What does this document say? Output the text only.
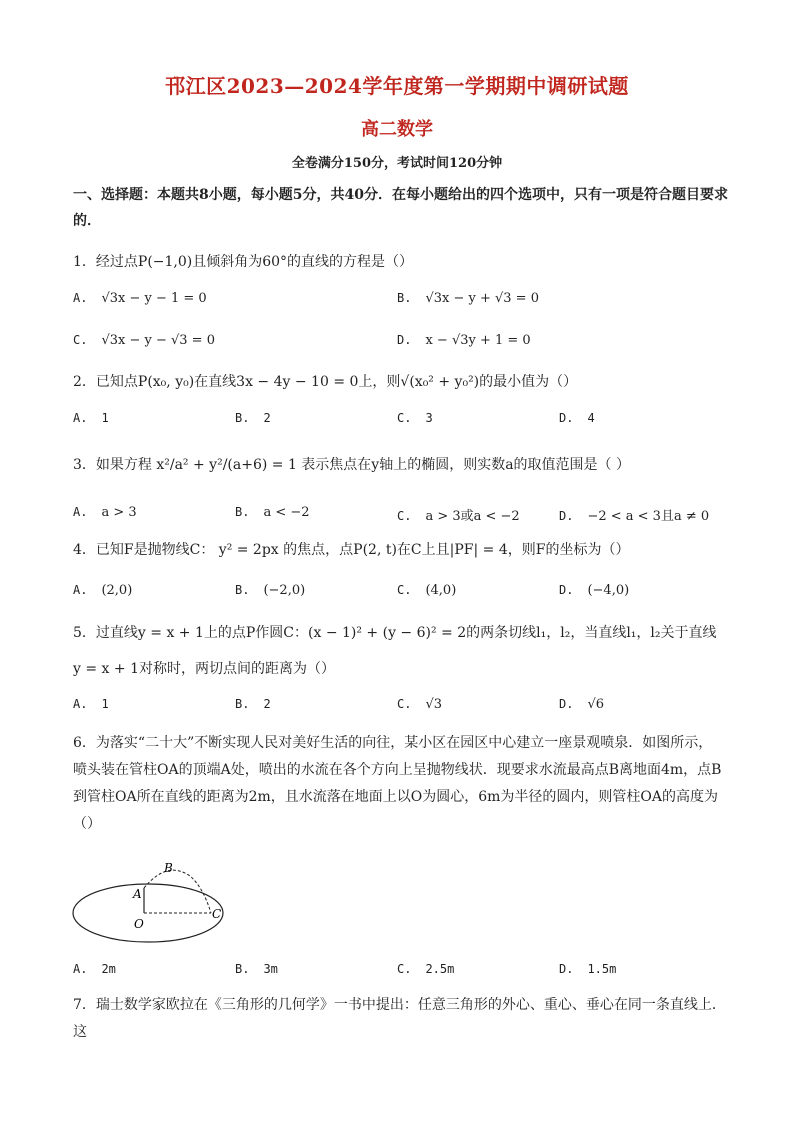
邗江区2023—2024学年度第一学期期中调研试题
高二数学
全卷满分150分，考试时间120分钟
一、选择题：本题共8小题，每小题5分，共40分．在每小题给出的四个选项中，只有一项是符合题目要求的．
1．经过点P(−1,0)且倾斜角为60°的直线的方程是（）
A. √3x − y − 1 = 0	B. √3x − y + √3 = 0
C. √3x − y − √3 = 0	D. x − √3y + 1 = 0
2．已知点P(x₀, y₀)在直线3x − 4y − 10 = 0上，则√(x₀² + y₀²)的最小值为（）
A. 1	B. 2	C. 3	D. 4
3．如果方程 x²/a² + y²/(a+6) = 1 表示焦点在y轴上的椭圆，则实数a的取值范围是（ ）
A. a > 3	B. a < −2	C. a > 3或a < −2	D. −2 < a < 3且a ≠ 0
4．已知F是抛物线C： y² = 2px 的焦点，点P(2, t)在C上且|PF| = 4，则F的坐标为（）
A. (2,0)	B. (−2,0)	C. (4,0)	D. (−4,0)
5．过直线y = x + 1上的点P作圆C：(x − 1)² + (y − 6)² = 2的两条切线l₁，l₂，当直线l₁，l₂关于直线
y = x + 1对称时，两切点间的距离为（）
A. 1	B. 2	C. √3	D. √6
6．为落实“二十大”不断实现人民对美好生活的向往，某小区在园区中心建立一座景观喷泉．如图所示，
喷头装在管柱OA的顶端A处，喷出的水流在各个方向上呈抛物线状．现要求水流最高点B离地面4m，点B
到管柱OA所在直线的距离为2m，且水流落在地面上以O为圆心，6m为半径的圆内，则管柱OA的高度为
（）
A
B
C
O
A. 2m	B. 3m	C. 2.5m	D. 1.5m
7．瑞士数学家欧拉在《三角形的几何学》一书中提出：任意三角形的外心、重心、垂心在同一条直线上．这
